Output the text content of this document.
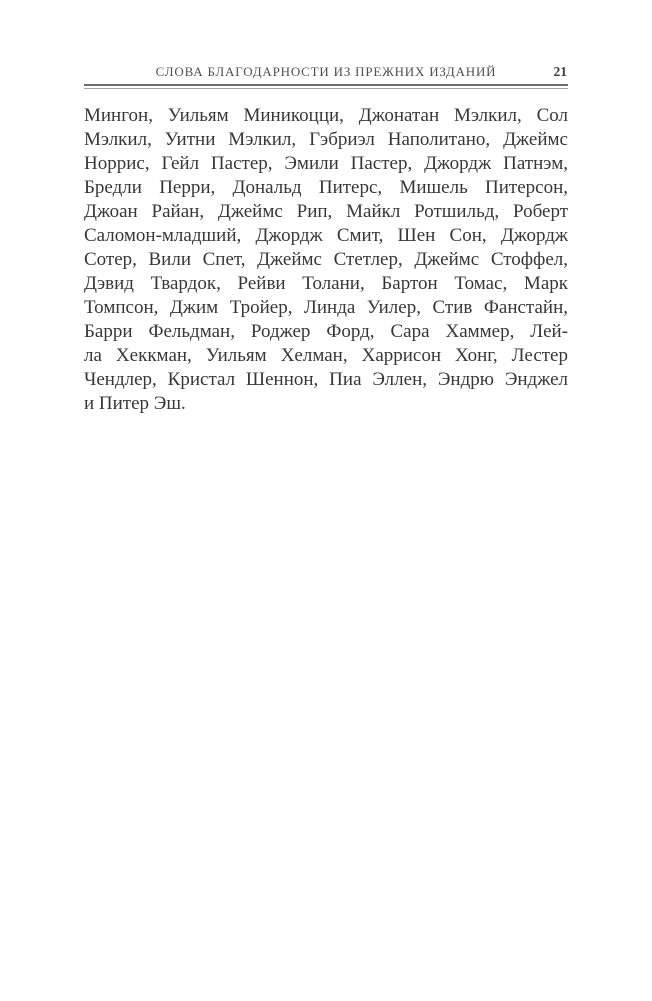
СЛОВА БЛАГОДАРНОСТИ ИЗ ПРЕЖНИХ ИЗДАНИЙ	21
Мингон, Уильям Миникоцци, Джонатан Мэлкил, Сол
Мэлкил, Уитни Мэлкил, Гэбриэл Наполитано, Джеймс
Норрис, Гейл Пастер, Эмили Пастер, Джордж Патнэм,
Бредли Перри, Дональд Питерс, Мишель Питерсон,
Джоан Райан, Джеймс Рип, Майкл Ротшильд, Роберт
Саломон-младший, Джордж Смит, Шен Сон, Джордж
Сотер, Вили Спет, Джеймс Стетлер, Джеймс Стоффел,
Дэвид Твардок, Рейви Толани, Бартон Томас, Марк
Томпсон, Джим Тройер, Линда Уилер, Стив Фанстайн,
Барри Фельдман, Роджер Форд, Сара Хаммер, Лей-
ла Хеккман, Уильям Хелман, Харрисон Хонг, Лестер
Чендлер, Кристал Шеннон, Пиа Эллен, Эндрю Энджел
и Питер Эш.
